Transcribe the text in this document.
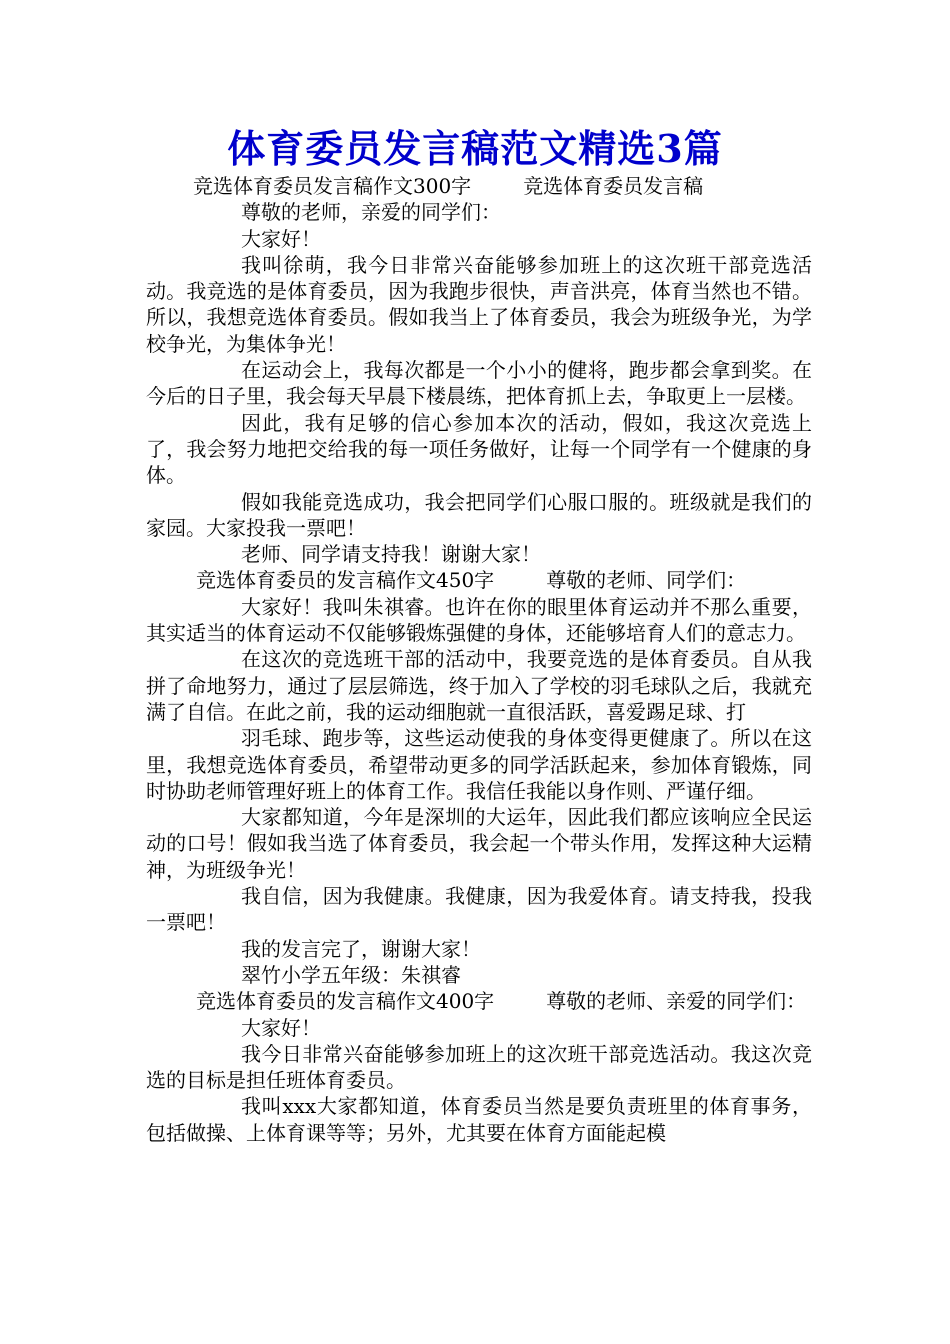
体育委员发言稿范文精选3篇

竞选体育委员发言稿作文300字	竞选体育委员发言稿

尊敬的老师，亲爱的同学们：

大家好！

我叫徐萌，我今日非常兴奋能够参加班上的这次班干部竞选活动。我竞选的是体育委员，因为我跑步很快，声音洪亮，体育当然也不错。所以，我想竞选体育委员。假如我当上了体育委员，我会为班级争光，为学校争光，为集体争光！

在运动会上，我每次都是一个小小的健将，跑步都会拿到奖。在今后的日子里，我会每天早晨下楼晨练，把体育抓上去，争取更上一层楼。

因此，我有足够的信心参加本次的活动，假如，我这次竞选上了，我会努力地把交给我的每一项任务做好，让每一个同学有一个健康的身体。

假如我能竞选成功，我会把同学们心服口服的。班级就是我们的家园。大家投我一票吧！

老师、同学请支持我！谢谢大家！

竞选体育委员的发言稿作文450字	尊敬的老师、同学们：

大家好！我叫朱祺睿。也许在你的眼里体育运动并不那么重要，其实适当的体育运动不仅能够锻炼强健的身体，还能够培育人们的意志力。

在这次的竞选班干部的活动中，我要竞选的是体育委员。自从我拼了命地努力，通过了层层筛选，终于加入了学校的羽毛球队之后，我就充满了自信。在此之前，我的运动细胞就一直很活跃，喜爱踢足球、打

羽毛球、跑步等，这些运动使我的身体变得更健康了。所以在这里，我想竞选体育委员，希望带动更多的同学活跃起来，参加体育锻炼，同时协助老师管理好班上的体育工作。我信任我能以身作则、严谨仔细。

大家都知道，今年是深圳的大运年，因此我们都应该响应全民运动的口号！假如我当选了体育委员，我会起一个带头作用，发挥这种大运精神，为班级争光！

我自信，因为我健康。我健康，因为我爱体育。请支持我，投我一票吧！

我的发言完了，谢谢大家！

翠竹小学五年级：朱祺睿

竞选体育委员的发言稿作文400字	尊敬的老师、亲爱的同学们：

大家好！

我今日非常兴奋能够参加班上的这次班干部竞选活动。我这次竞选的目标是担任班体育委员。

我叫xxx大家都知道，体育委员当然是要负责班里的体育事务，包括做操、上体育课等等；另外，尤其要在体育方面能起模
